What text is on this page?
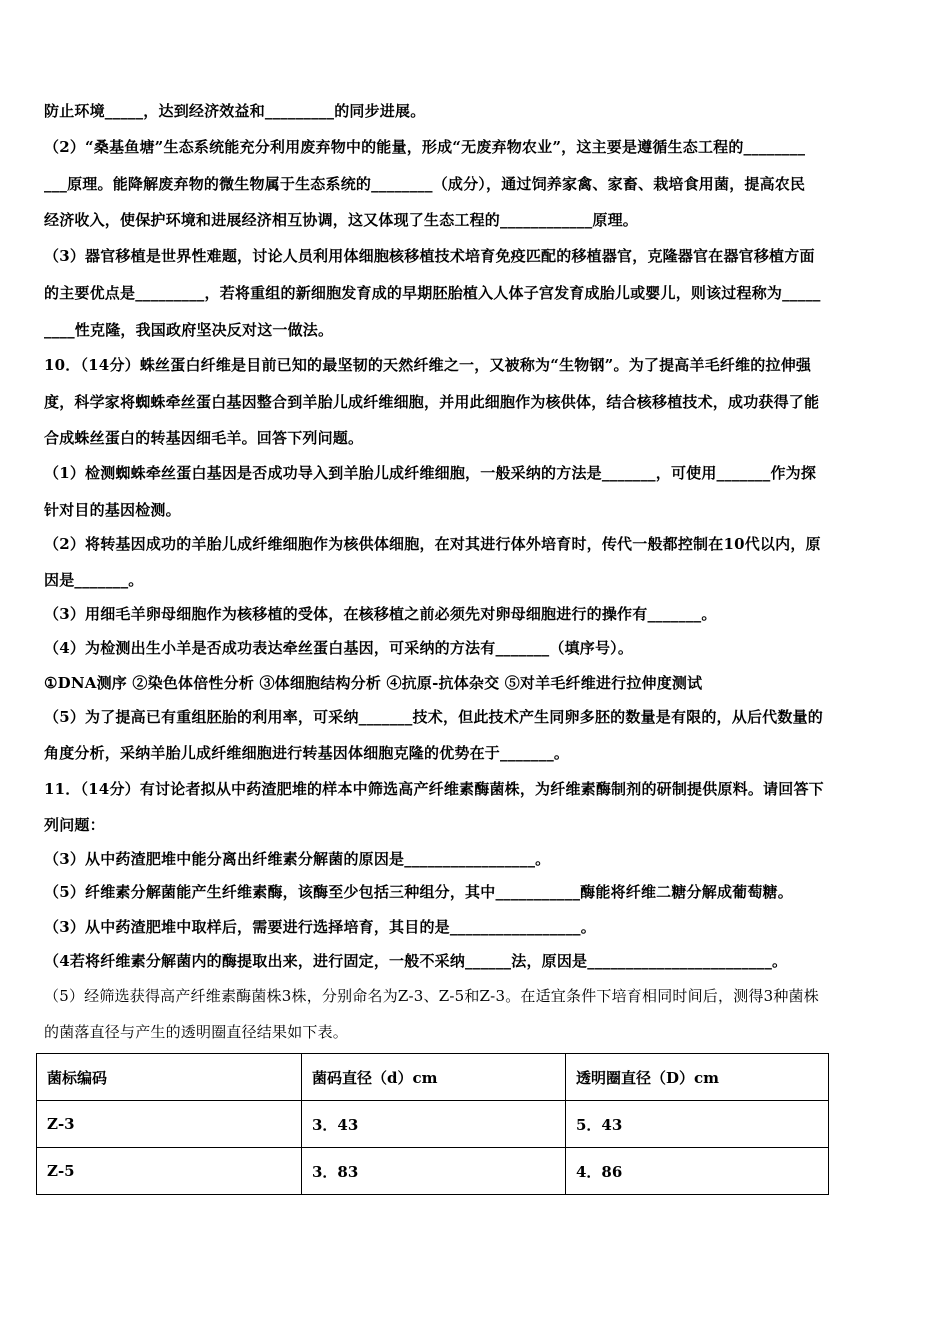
防止环境_____，达到经济效益和_________的同步进展。
（2）“桑基鱼塘”生态系统能充分利用废弃物中的能量，形成“无废弃物农业”，这主要是遵循生态工程的________
___原理。能降解废弃物的微生物属于生态系统的________（成分），通过饲养家禽、家畜、栽培食用菌，提高农民
经济收入，使保护环境和进展经济相互协调，这又体现了生态工程的____________原理。
（3）器官移植是世界性难题，讨论人员利用体细胞核移植技术培育免疫匹配的移植器官，克隆器官在器官移植方面
的主要优点是_________，若将重组的新细胞发育成的早期胚胎植入人体子宫发育成胎儿或婴儿，则该过程称为_____
____性克隆，我国政府坚决反对这一做法。
10．（14分）蛛丝蛋白纤维是目前已知的最坚韧的天然纤维之一，又被称为“生物钢”。为了提高羊毛纤维的拉伸强
度，科学家将蜘蛛牵丝蛋白基因整合到羊胎儿成纤维细胞，并用此细胞作为核供体，结合核移植技术，成功获得了能
合成蛛丝蛋白的转基因细毛羊。回答下列问题。
（1）检测蜘蛛牵丝蛋白基因是否成功导入到羊胎儿成纤维细胞，一般采纳的方法是_______，可使用_______作为探
针对目的基因检测。
（2）将转基因成功的羊胎儿成纤维细胞作为核供体细胞，在对其进行体外培育时，传代一般都控制在10代以内，原
因是_______。
（3）用细毛羊卵母细胞作为核移植的受体，在核移植之前必须先对卵母细胞进行的操作有_______。
（4）为检测出生小羊是否成功表达牵丝蛋白基因，可采纳的方法有_______（填序号）。
①DNA测序 ②染色体倍性分析 ③体细胞结构分析 ④抗原-抗体杂交 ⑤对羊毛纤维进行拉伸度测试
（5）为了提高已有重组胚胎的利用率，可采纳_______技术，但此技术产生同卵多胚的数量是有限的，从后代数量的
角度分析，采纳羊胎儿成纤维细胞进行转基因体细胞克隆的优势在于_______。
11．（14分）有讨论者拟从中药渣肥堆的样本中筛选高产纤维素酶菌株，为纤维素酶制剂的研制提供原料。请回答下
列问题：
（3）从中药渣肥堆中能分离出纤维素分解菌的原因是_________________。
（5）纤维素分解菌能产生纤维素酶，该酶至少包括三种组分，其中___________酶能将纤维二糖分解成葡萄糖。
（3）从中药渣肥堆中取样后，需要进行选择培育，其目的是_________________。
（4若将纤维素分解菌内的酶提取出来，进行固定，一般不采纳______法，原因是________________________。
（5）经筛选获得高产纤维素酶菌株3株，分别命名为Z-3、Z-5和Z-3。在适宜条件下培育相同时间后，测得3种菌株
的菌落直径与产生的透明圈直径结果如下表。
菌标编码	菌码直径（d）cm	透明圈直径（D）cm
Z-3	3．43	5．43
Z-5	3．83	4．86
